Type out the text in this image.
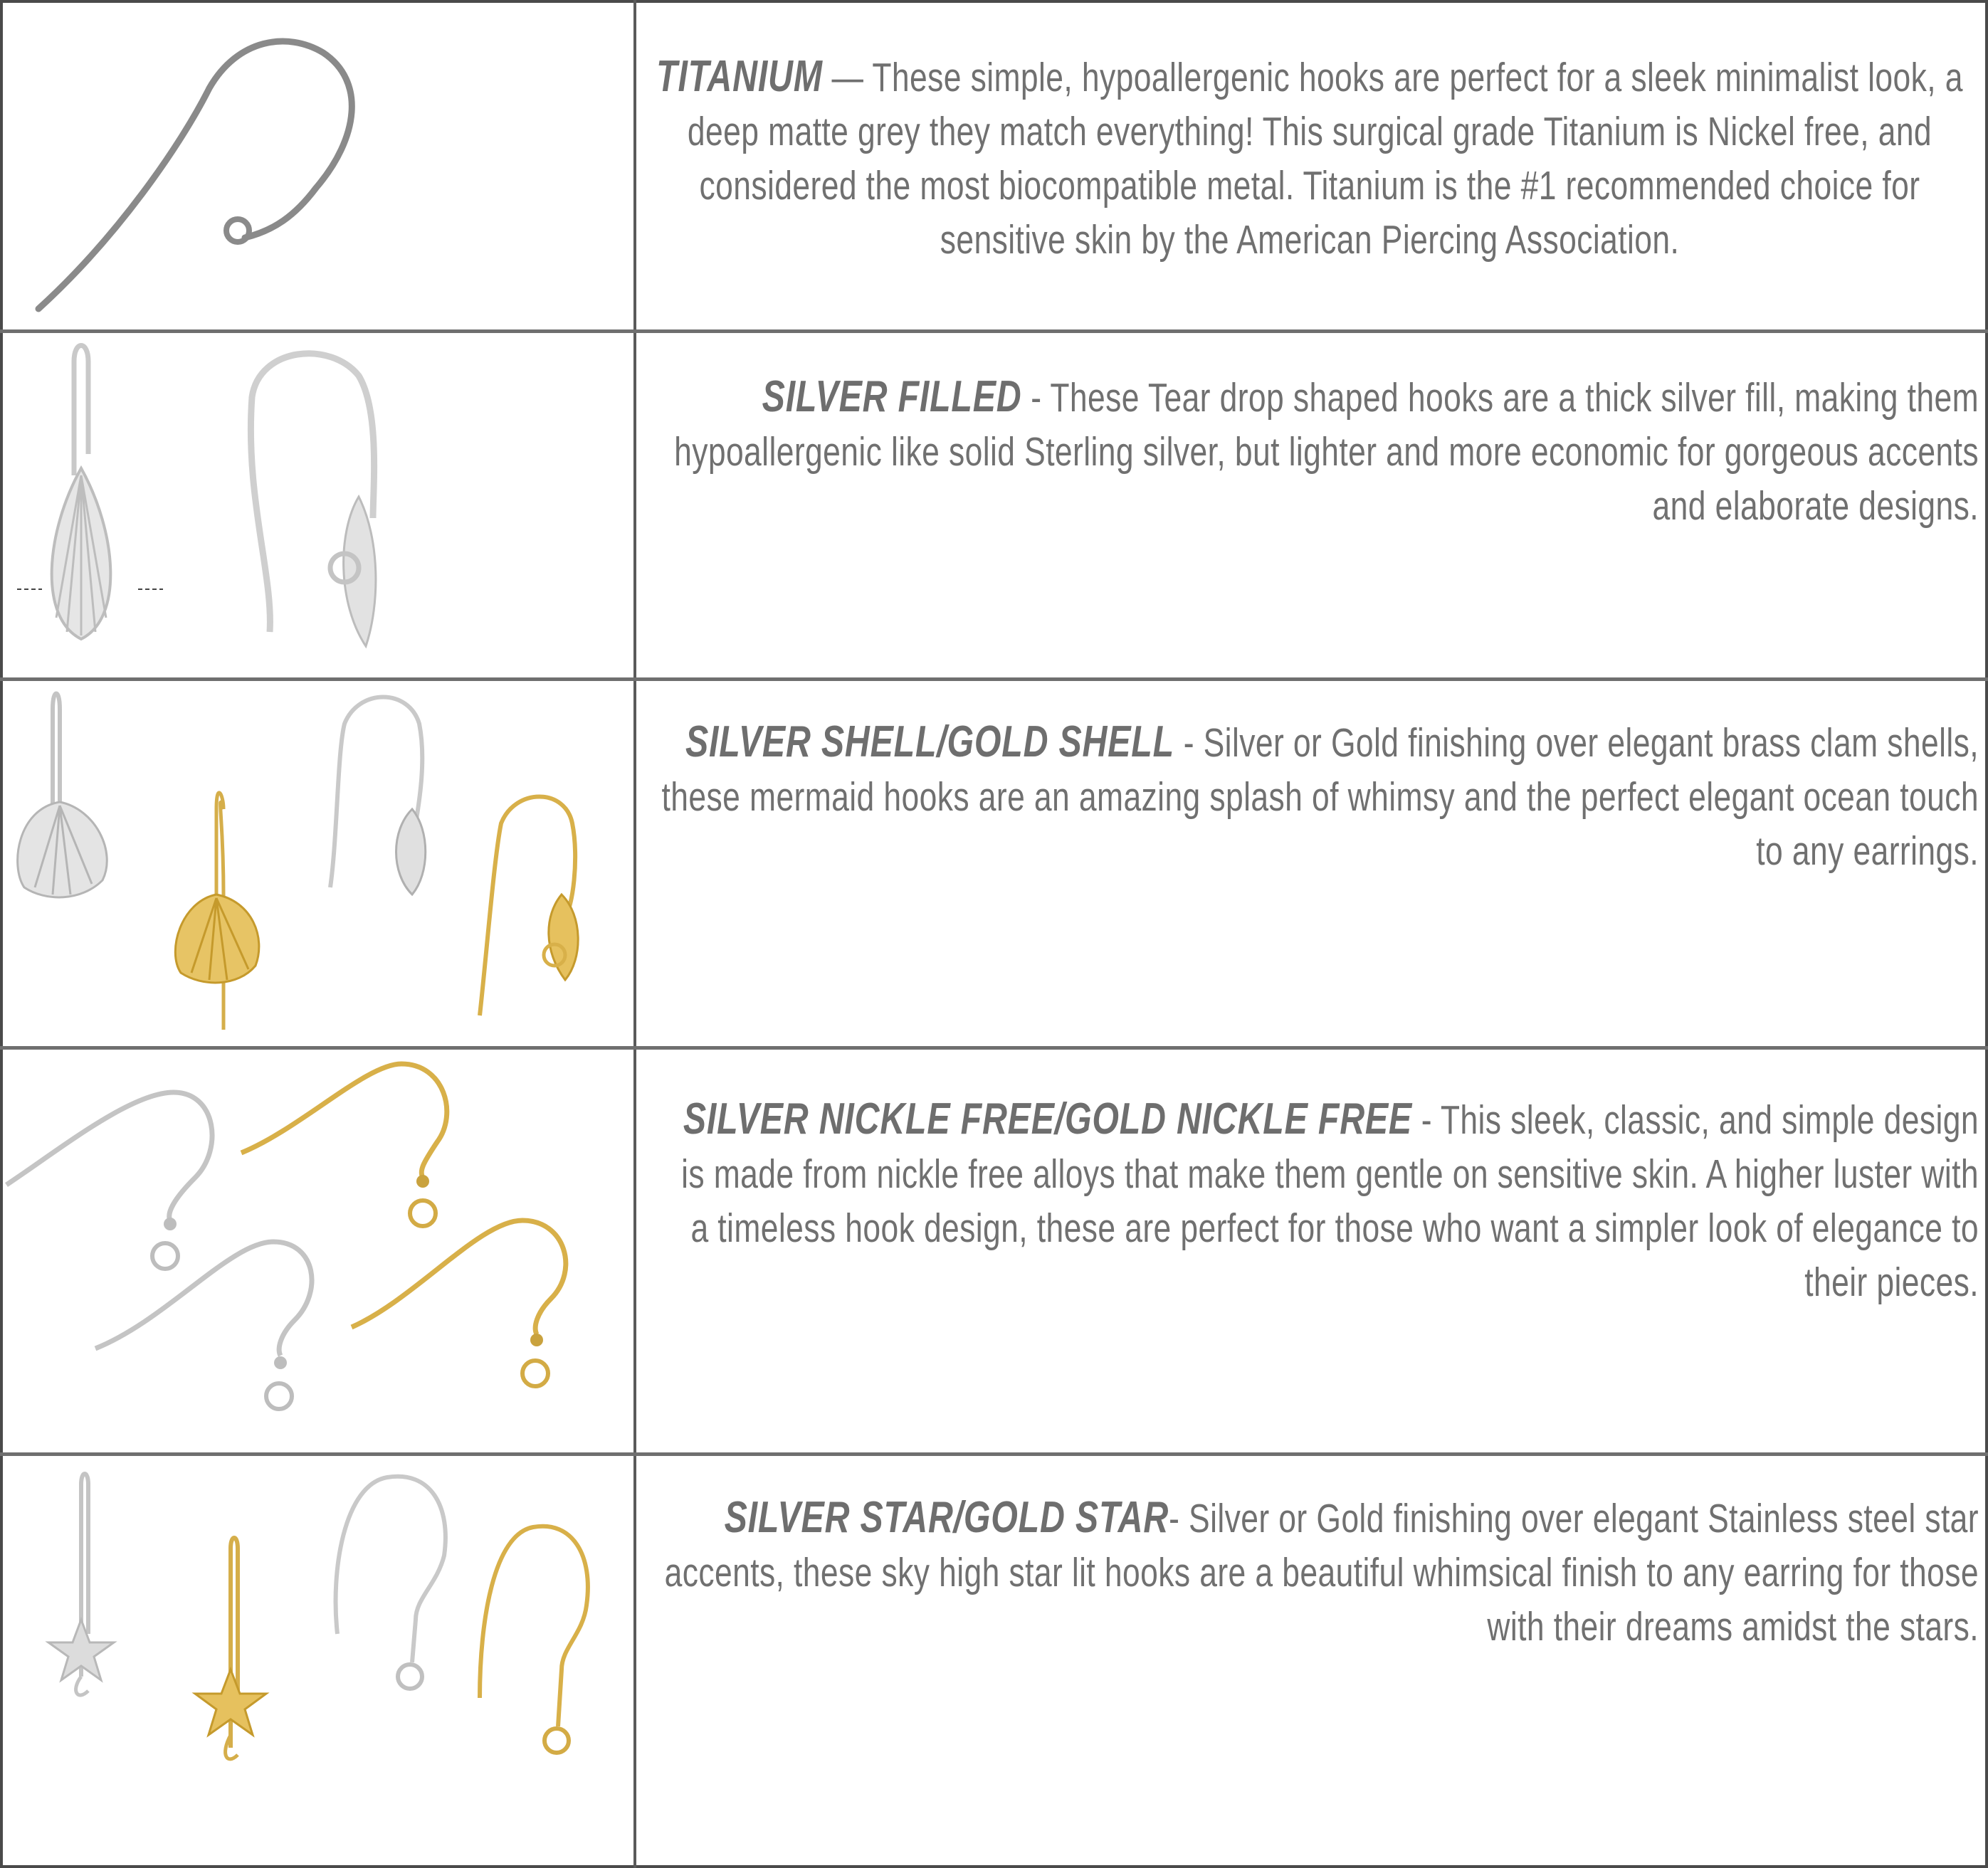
TITANIUM — These simple, hypoallergenic hooks are perfect for a sleek minimalist look, a deep matte grey they match everything! This surgical grade Titanium is Nickel free, and considered the most biocompatible metal. Titanium is the #1 recommended choice for sensitive skin by the American Piercing Association.
SILVER FILLED - These Tear drop shaped hooks are a thick silver fill, making them hypoallergenic like solid Sterling silver, but lighter and more economic for gorgeous accents and elaborate designs.
SILVER SHELL/GOLD SHELL - Silver or Gold finishing over elegant brass clam shells, these mermaid hooks are an amazing splash of whimsy and the perfect elegant ocean touch to any earrings.
SILVER NICKLE FREE/GOLD NICKLE FREE - This sleek, classic, and simple design is made from nickle free alloys that make them gentle on sensitive skin. A higher luster with a timeless hook design, these are perfect for those who want a simpler look of elegance to their pieces.
SILVER STAR/GOLD STAR- Silver or Gold finishing over elegant Stainless steel star accents, these sky high star lit hooks are a beautiful whimsical finish to any earring for those with their dreams amidst the stars.
